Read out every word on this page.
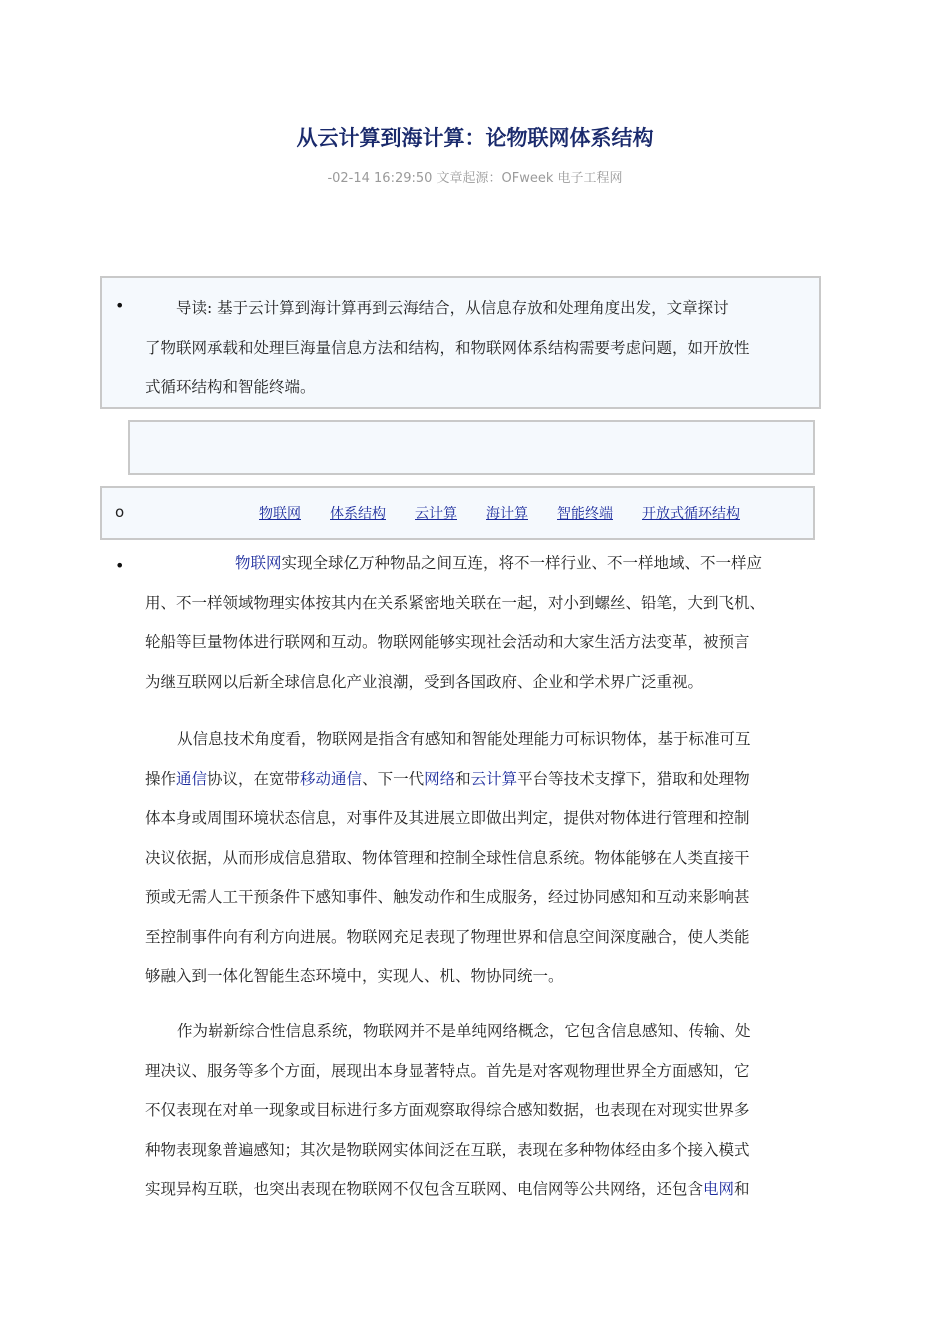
从云计算到海计算：论物联网体系结构
-02-14 16:29:50 文章起源：OFweek 电子工程网
• 　　导读: 基于云计算到海计算再到云海结合，从信息存放和处理角度出发，文章探讨
了物联网承载和处理巨海量信息方法和结构，和物联网体系结构需要考虑问题，如开放性
式循环结构和智能终端。
o	物联网 体系结构 云计算 海计算 智能终端 开放式循环结构
•	物联网实现全球亿万种物品之间互连，将不一样行业、不一样地域、不一样应
用、不一样领域物理实体按其内在关系紧密地关联在一起，对小到螺丝、铅笔，大到飞机、
轮船等巨量物体进行联网和互动。物联网能够实现社会活动和大家生活方法变革，被预言
为继互联网以后新全球信息化产业浪潮，受到各国政府、企业和学术界广泛重视。
从信息技术角度看，物联网是指含有感知和智能处理能力可标识物体，基于标准可互
操作通信协议，在宽带移动通信、下一代网络和云计算平台等技术支撑下，猎取和处理物
体本身或周围环境状态信息，对事件及其进展立即做出判定，提供对物体进行管理和控制
决议依据，从而形成信息猎取、物体管理和控制全球性信息系统。物体能够在人类直接干
预或无需人工干预条件下感知事件、触发动作和生成服务，经过协同感知和互动来影响甚
至控制事件向有利方向进展。物联网充足表现了物理世界和信息空间深度融合，使人类能
够融入到一体化智能生态环境中，实现人、机、物协同统一。
作为崭新综合性信息系统，物联网并不是单纯网络概念，它包含信息感知、传输、处
理决议、服务等多个方面，展现出本身显著特点。首先是对客观物理世界全方面感知，它
不仅表现在对单一现象或目标进行多方面观察取得综合感知数据，也表现在对现实世界多
种物表现象普遍感知；其次是物联网实体间泛在互联，表现在多种物体经由多个接入模式
实现异构互联，也突出表现在物联网不仅包含互联网、电信网等公共网络，还包含电网和
